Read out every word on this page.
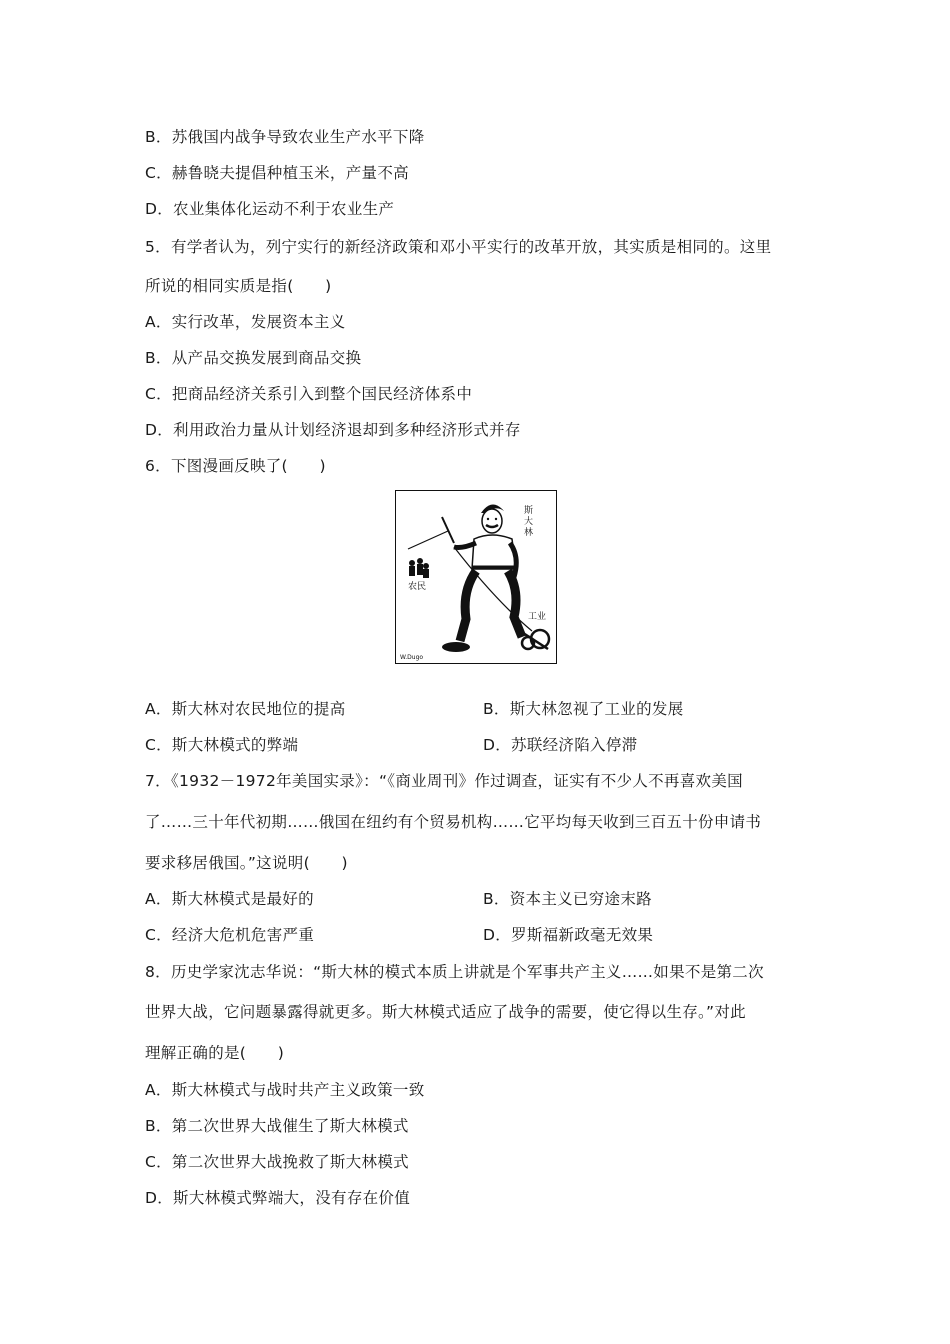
B．苏俄国内战争导致农业生产水平下降
C．赫鲁晓夫提倡种植玉米，产量不高
D．农业集体化运动不利于农业生产
5．有学者认为，列宁实行的新经济政策和邓小平实行的改革开放，其实质是相同的。这里
所说的相同实质是指(　　)
A．实行改革，发展资本主义
B．从产品交换发展到商品交换
C．把商品经济关系引入到整个国民经济体系中
D．利用政治力量从计划经济退却到多种经济形式并存
6．下图漫画反映了(　　)
斯
大
林
农民
工业
W.Dugo
A．斯大林对农民地位的提高	B．斯大林忽视了工业的发展
C．斯大林模式的弊端	D．苏联经济陷入停滞
7．《1932－1972年美国实录》：“《商业周刊》作过调查，证实有不少人不再喜欢美国
了……三十年代初期……俄国在纽约有个贸易机构……它平均每天收到三百五十份申请书
要求移居俄国。”这说明(　　)
A．斯大林模式是最好的	B．资本主义已穷途末路
C．经济大危机危害严重	D．罗斯福新政毫无效果
8．历史学家沈志华说：“斯大林的模式本质上讲就是个军事共产主义……如果不是第二次
世界大战，它问题暴露得就更多。斯大林模式适应了战争的需要，使它得以生存。”对此
理解正确的是(　　)
A．斯大林模式与战时共产主义政策一致
B．第二次世界大战催生了斯大林模式
C．第二次世界大战挽救了斯大林模式
D．斯大林模式弊端大，没有存在价值
